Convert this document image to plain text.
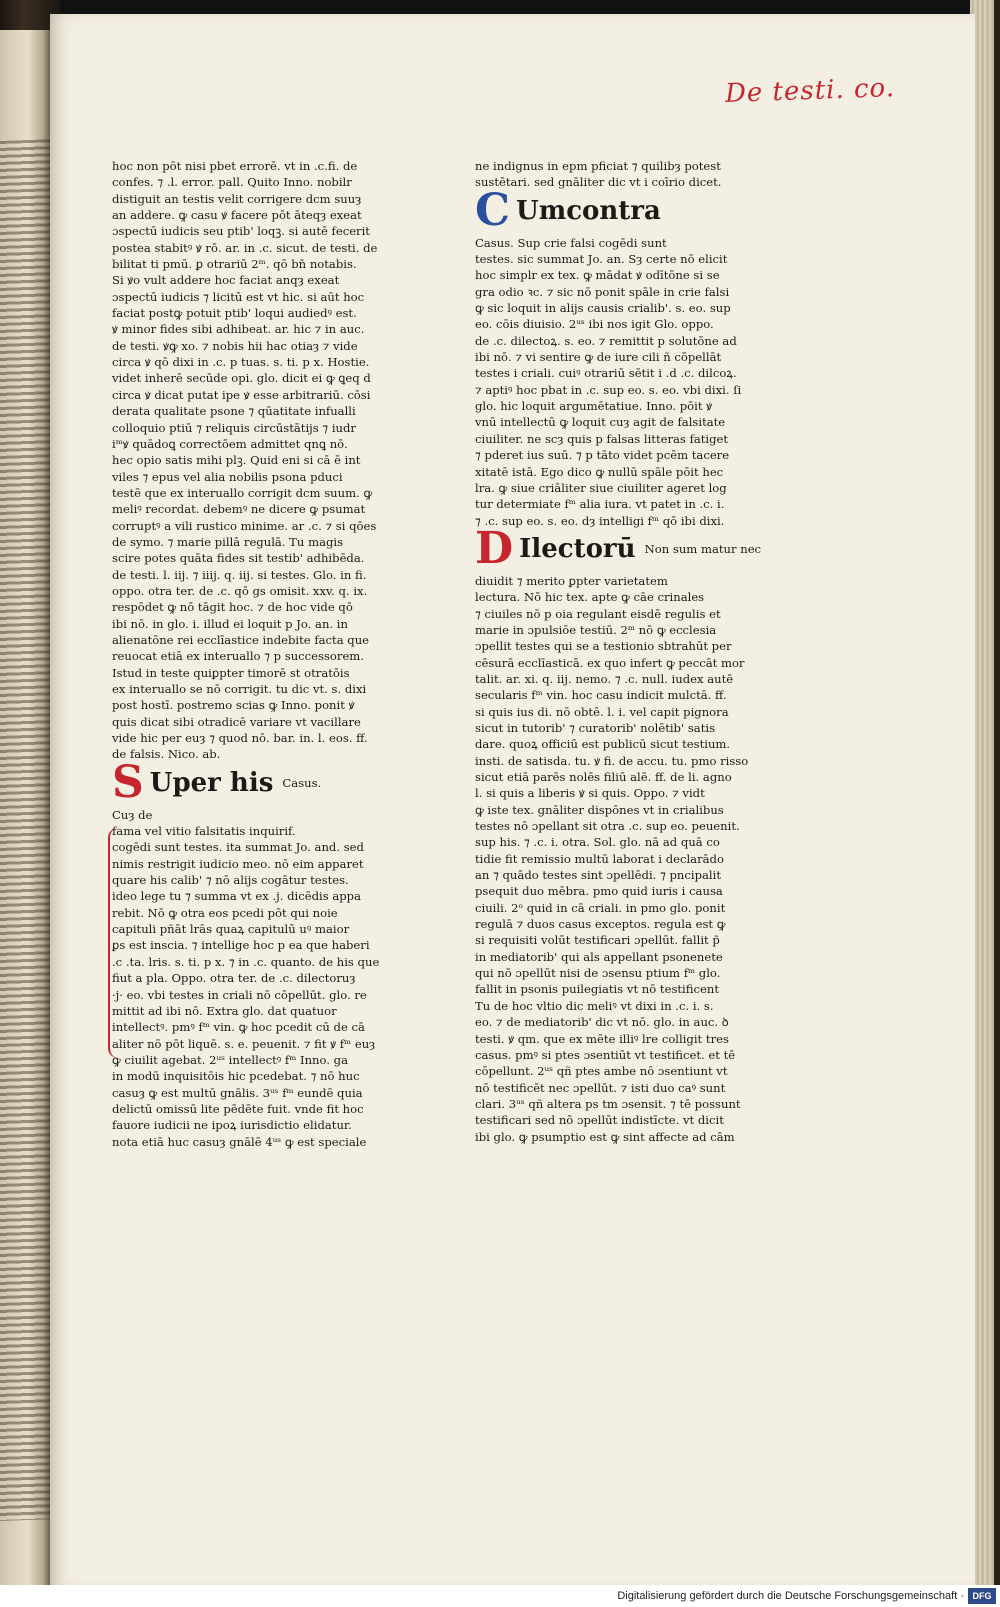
De testi. co.
hoc non pōt nisi pbet errorē. vt in .c.fi. de
confes. ⁊ .l. error. pall. Quito Inno. nobilr
distiguit an testis velit corrigere dcm suuȝ
an addere. ꝙ casu ꝟ facere pōt āteqȝ exeat
ɔspectū iudicis seu ptib' loqꝫ. si autē fecerit
postea stabitꝰ ꝟ rō. ar. in .c. sicut. de testi. de
bilitat ti pmū. ꝑ otrariū 2ᵐ. qō bn̄ notabis.
Si ꝟo vult addere hoc faciat anqȝ exeat
ɔspectū iudicis ⁊ licitū est vt hic. si aūt hoc
faciat postꝙ potuit ptib' loqui audiedꝰ est.
ꝟ minor fides sibi adhibeat. ar. hic ⁊ in auc.
de testi. ꝟꝙ xo. ⁊ nobis hii hac otiaȝ ⁊ vide
circa ꝟ qō dixi in .c. p tuas. s. ti. p x. Hostie.
videt inherē secūde opi. glo. dicit ei ꝙ ꝗeq d
circa ꝟ dicat putat ipe ꝟ esse arbitrariū. cōsi
derata qualitate psone ⁊ qūatitate infualli
colloquio ptiū ⁊ reliquis circūstātijs ⁊ iudr
iᵐꝟ quādoꝗ correctōem admittet qnꝗ nō.
hec opio satis mihi plꝫ. Quid eni si cā ē int
viles ⁊ epus vel alia nobilis psona pduci
testē que ex interuallo corrigit dcm suum. ꝙ
meliꝰ recordat. debemꝰ ne dicere ꝙ psumat
corruptꝰ a vili rustico minime. ar .c. ⁊ si qōes
de symo. ⁊ marie pillā regulā. Tu magis
scire potes quāta fides sit testib' adhibēda.
de testi. l. iij. ⁊ iiij. q. iij. si testes. Glo. in fi.
oppo. otra ter. de .c. qō gs omisit. xxv. q. ix.
respōdet ꝙ nō tāgit hoc. ⁊ de hoc vide qō
ibi nō. in glo. i. illud ei loquit p Jo. an. in
alienatōne rei ecclīastice indebite facta que
reuocat etiā ex interuallo ⁊ p successorem.
Istud in teste quiꝑpter timorē st otratōis
ex interuallo se nō corrigit. tu dic vt. s. dixi
post hostī. postremo scias ꝙ Inno. ponit ꝟ
quis dicat sibi otradicē variare vt vacillare
vide hic per euȝ ⁊ quod nō. bar. in. l. eos. ff.
de falsis. Nico. ab.
S Uper his $^{Casus.}$
Cuȝ de
fama vel vitio falsitatis inquirif.
cogēdi sunt testes. ita summat Jo. and. sed
nimis restrigit iudicio meo. nō eim apparet
quare his calib' ⁊ nō alijs cogātur testes.
ideo lege tu ⁊ summa vt ex .j. dicēdis appa
rebit. Nō ꝙ otra eos pcedi pōt qui noie
capituli pñāt lrās quaꝝ capitulū uꝰ maior
ꝑs est inscia. ⁊ intellige hoc p ea que haberi
.c .ta. lris. s. ti. p x. ⁊ in .c. quanto. de his que
fiut a pla. Oppo. otra ter. de .c. dilectoruȝ
·j· eo. vbi testes in criali nō cōpellūt. glo. re
mittit ad ibi nō. Extra glo. dat quatuor
intellectꝰ. pmꝰ fᵐ vin. ꝙ hoc pcedit cū de cā
aliter nō pōt liquē. s. e. peuenit. ⁊ fit ꝟ fᵐ euȝ
ꝙ ciuilit agebat. 2ᵘˢ intellectꝰ fᵐ Inno. ga
in modū inquisitōis hic pcedebat. ⁊ nō huc
casuȝ ꝙ est multū gnālis. 3ᵘˢ fᵐ eundē quia
delictū omissū lite pēdēte fuit. vnde fit hoc
fauore iudicii ne ipoꝝ iurisdictio elidatur.
nota etiā huc casuȝ gnālē 4ᵘˢ ꝙ est speciale
ne indignus in epm pficiat ⁊ quilibȝ potest
sustētari. sed gnāliter dic vt i coīrio dicet.
C Umcontra
Casus. Sup crie falsi cogēdi sunt
testes. sic summat Jo. an. Sȝ certe nō elicit
hoc simplr ex tex. ꝙ mādat ꝟ odītōne si se
gra odio ꝛc. ⁊ sic nō ponit spāle in crie falsi
ꝙ sic loquit in alijs causis crialib'. s. eo. sup
eo. cōis diuisio. 2ᵘˢ ibi nos igit Glo. oppo.
de .c. dilectoꝝ. s. eo. ⁊ remittit p solutōne ad
ibi nō. ⁊ vi sentire ꝙ de iure cili ñ cōpellāt
testes i criali. cuiꝰ otrariū sētit i .d .c. dilcoꝝ.
⁊ aptiꝰ hoc pbat in .c. sup eo. s. eo. vbi dixi. ſi
glo. hic loquit argumētatiue. Inno. pōit ꝟ
vnū intellectū ꝙ loquit cuȝ agit de falsitate
ciuiliter. ne scȝ quis p falsas litteras fatiget
⁊ pderet ius suū. ⁊ p tāto videt pcēm tacere
xitatē istā. Ego dico ꝙ nullū spāle pōit hec
lra. ꝙ siue criāliter siue ciuiliter ageret log
tur determiate fᵐ alia iura. vt patet in .c. i.
⁊ .c. sup eo. s. eo. dȝ intelligi fᵐ qō ibi dixi.
D Ilectorū $^{Non sum matur nec}$
diuidit ⁊ merito ꝑpter varietatem
lectura. Nō hic tex. apte ꝙ cāe crinales
⁊ ciuiles nō p oia regulant eisdē regulis et
marie in ɔpulsiōe testiū. 2ᵐ nō ꝙ ecclesia
ɔpellit testes qui se a testionio sbtrahūt per
cēsurā ecclīasticā. ex quo infert ꝙ peccāt mor
talit. ar. xi. q. iij. nemo. ⁊ .c. null. iudex autē
secularis fᵐ vin. hoc casu indicit mulctā. ff.
si quis ius di. nō obtē. l. i. vel capit pignora
sicut in tutorib' ⁊ curatorib' nolētib' satis
dare. quoꝝ officiū est publicū sicut testium.
insti. de satisda. tu. ꝟ fi. de accu. tu. pmo risso
sicut etiā parēs nolēs filiū alē. ff. de li. agno
l. si quis a liberis ꝟ si quis. Oppo. ⁊ vidt
ꝙ iste tex. gnāliter dispōnes vt in crialibus
testes nō ɔpellant sit otra .c. sup eo. peuenit.
sup his. ⁊ .c. i. otra. Sol. glo. nā ad quā co
tidie fit remissio multū laborat i declarādo
an ⁊ quādo testes sint ɔpellēdi. ⁊ pncipalit
psequit duo mēbra. pmo quid iuris i causa
ciuili. 2ᵒ quid in cā criali. in pmo glo. ponit
regulā ⁊ duos casus exceptos. regula est ꝙ
si requisiti volūt testificari ɔpellūt. fallit p̄
in mediatorib' qui als appellant psonenete
qui nō ɔpellūt nisi de ɔsensu ptium fᵐ glo.
fallit in psonis puilegiatis vt nō testificent
Tu de hoc vltio dic meliꝰ vt dixi in .c. i. s.
eo. ⁊ de mediatorib' dic vt nō. glo. in auc. ꝺ
testi. ꝟ qm. que ex mēte illiꝰ lre colligit tres
casus. pmꝰ si ptes ɔsentiūt vt testificet. et tē
cōpellunt. 2ᵘˢ qñ ptes ambe nō ɔsentiunt vt
nō testificēt nec ɔpellūt. ⁊ isti duo caꝰ sunt
clari. 3ᵘˢ qñ altera ps tm ɔsensit. ⁊ tē possunt
testificari sed nō ɔpellūt indistīcte. vt dicit
ibi glo. ꝙ psumptio est ꝙ sint affecte ad cām
Digitalisierung gefördert durch die Deutsche Forschungsgemeinschaft · DFG
